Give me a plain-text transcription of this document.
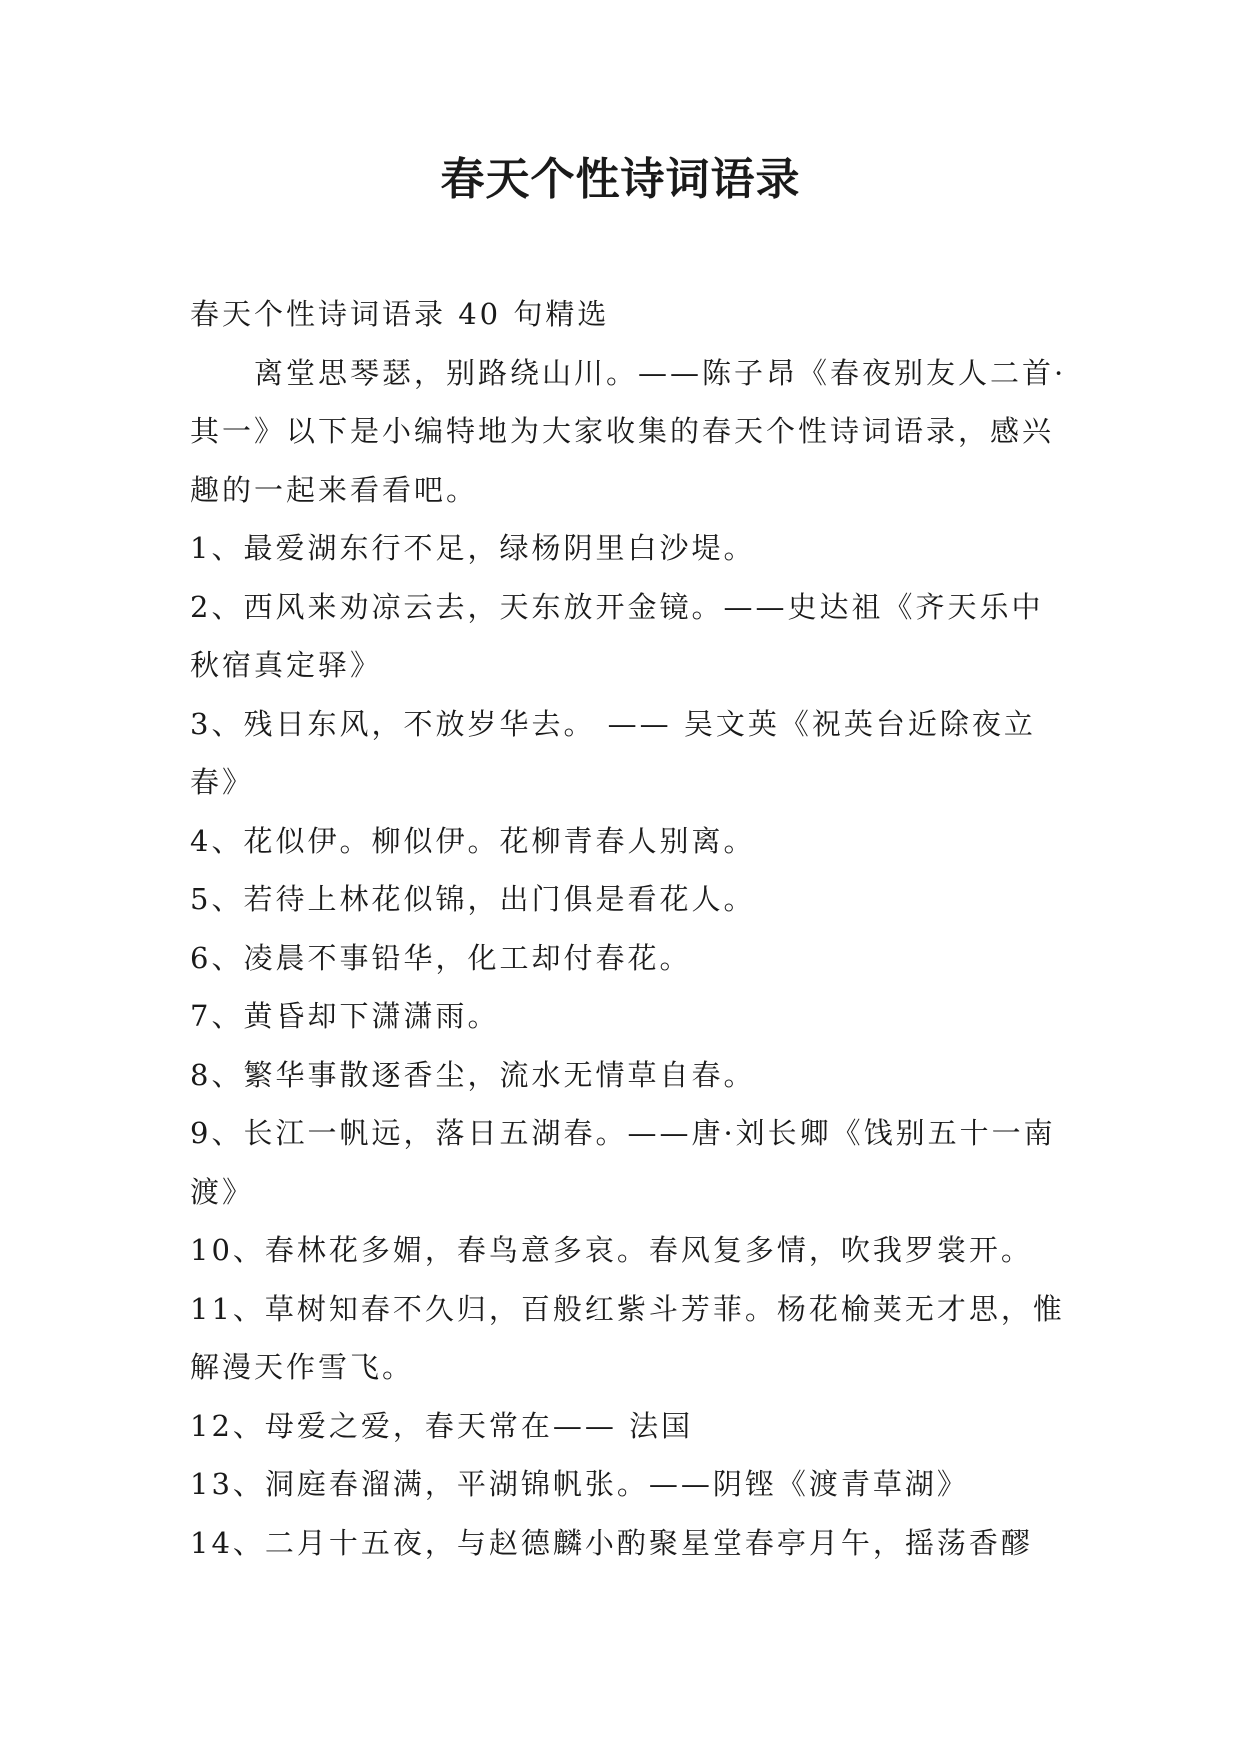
春天个性诗词语录

春天个性诗词语录 40 句精选

离堂思琴瑟，别路绕山川。——陈子昂《春夜别友人二首·其一》以下是小编特地为大家收集的春天个性诗词语录，感兴趣的一起来看看吧。

1、最爱湖东行不足，绿杨阴里白沙堤。

2、西风来劝凉云去，天东放开金镜。——史达祖《齐天乐中秋宿真定驿》

3、残日东风，不放岁华去。 —— 吴文英《祝英台近除夜立春》

4、花似伊。柳似伊。花柳青春人别离。

5、若待上林花似锦，出门俱是看花人。

6、凌晨不事铅华，化工却付春花。

7、黄昏却下潇潇雨。

8、繁华事散逐香尘，流水无情草自春。

9、长江一帆远，落日五湖春。——唐·刘长卿《饯别五十一南渡》

10、春林花多媚，春鸟意多哀。春风复多情，吹我罗裳开。

11、草树知春不久归，百般红紫斗芳菲。杨花榆荚无才思，惟解漫天作雪飞。

12、母爱之爱，春天常在—— 法国

13、洞庭春溜满，平湖锦帆张。——阴铿《渡青草湖》

14、二月十五夜，与赵德麟小酌聚星堂春亭月午，摇荡香醪
